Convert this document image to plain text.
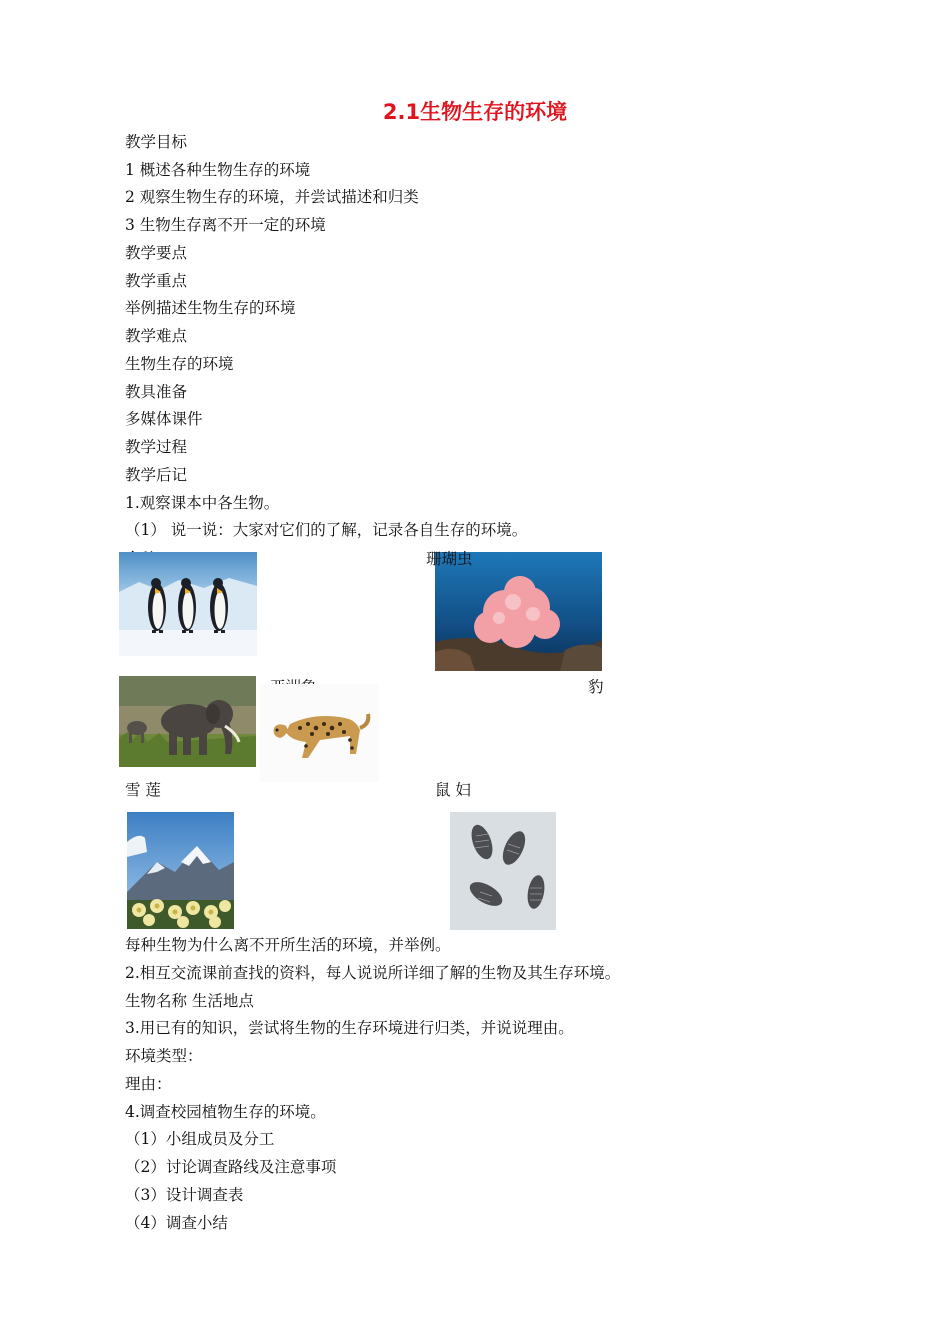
2.1生物生存的环境
教学目标
1 概述各种生物生存的环境
2 观察生物生存的环境，并尝试描述和归类
3 生物生存离不开一定的环境
教学要点
教学重点
举例描述生物生存的环境
教学难点
生物生存的环境
教具准备
多媒体课件
教学过程
教学后记
1.观察课本中各生物。
（1） 说一说：大家对它们的了解，记录各自生存的环境。
珊瑚虫
豹
雪 莲	鼠 妇
每种生物为什么离不开所生活的环境，并举例。
2.相互交流课前查找的资料，每人说说所详细了解的生物及其生存环境。
生物名称 生活地点
3.用已有的知识，尝试将生物的生存环境进行归类，并说说理由。
环境类型：
理由：
4.调查校园植物生存的环境。
（1）小组成员及分工
（2）讨论调查路线及注意事项
（3）设计调查表
（4）调查小结
